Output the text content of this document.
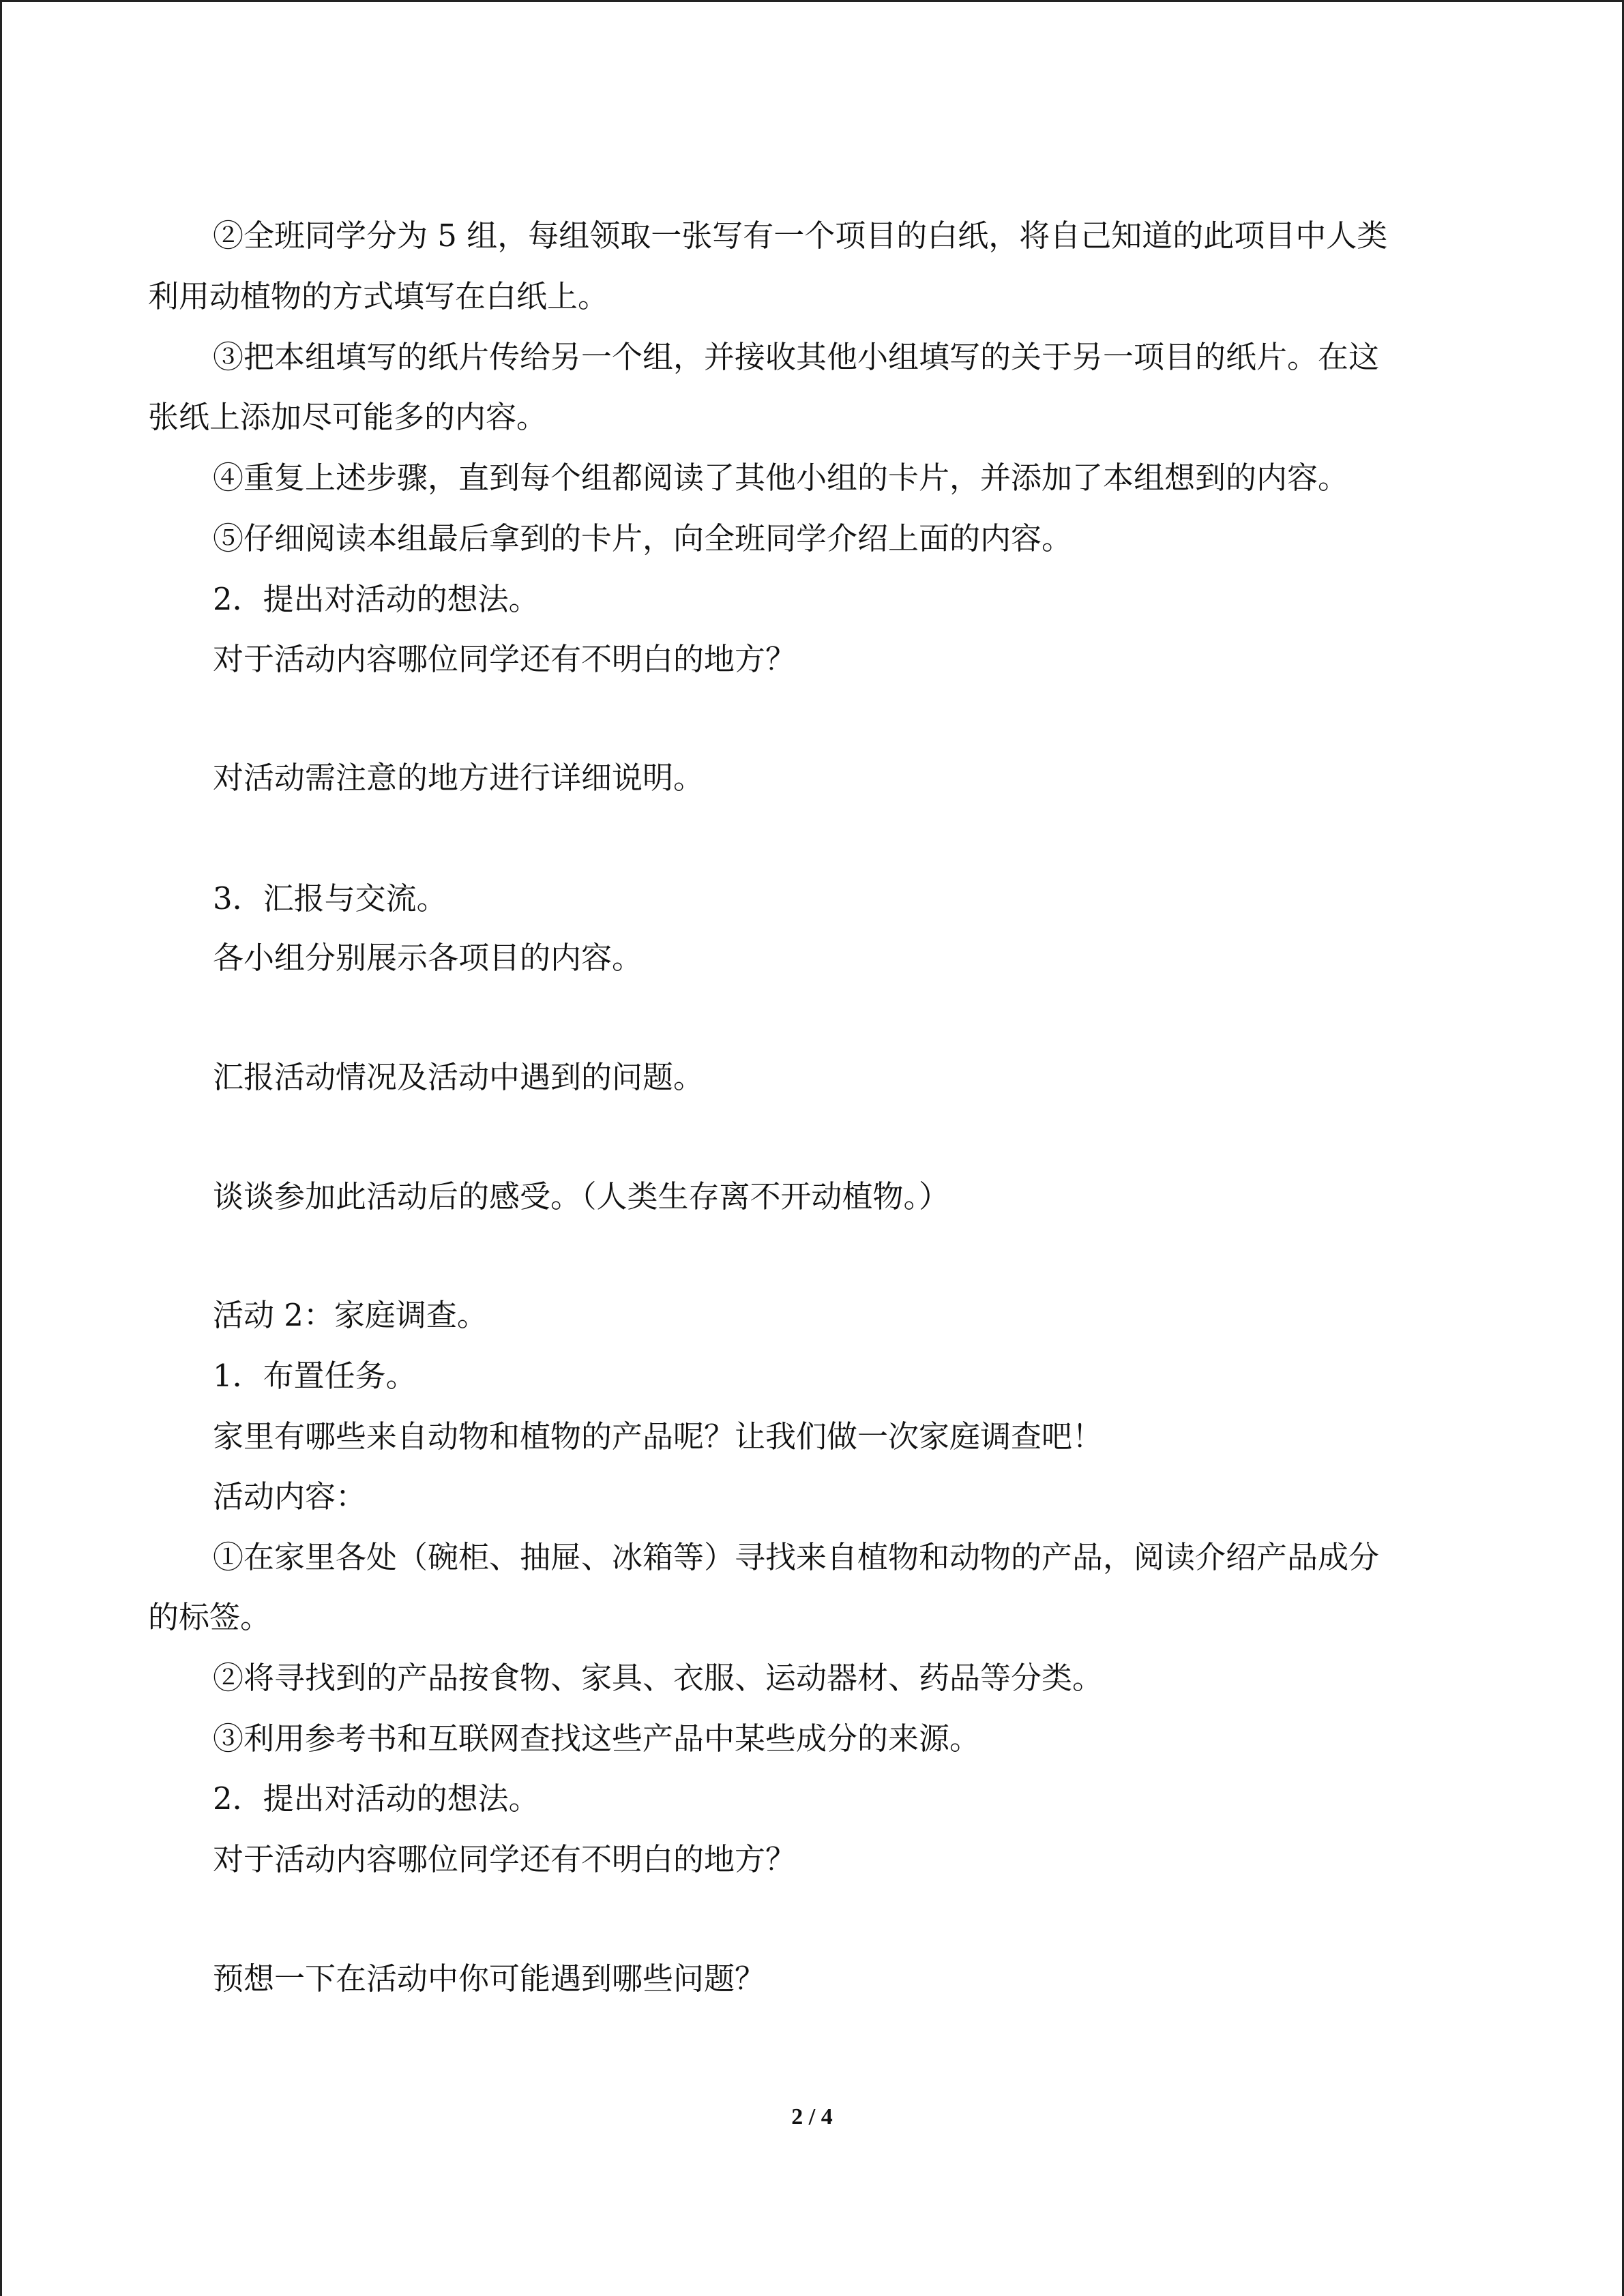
②全班同学分为 5 组，每组领取一张写有一个项目的白纸，将自己知道的此项目中人类
利用动植物的方式填写在白纸上。
③把本组填写的纸片传给另一个组，并接收其他小组填写的关于另一项目的纸片。在这
张纸上添加尽可能多的内容。
④重复上述步骤，直到每个组都阅读了其他小组的卡片，并添加了本组想到的内容。
⑤仔细阅读本组最后拿到的卡片，向全班同学介绍上面的内容。
2．提出对活动的想法。
对于活动内容哪位同学还有不明白的地方？
对活动需注意的地方进行详细说明。
3．汇报与交流。
各小组分别展示各项目的内容。
汇报活动情况及活动中遇到的问题。
谈谈参加此活动后的感受。（人类生存离不开动植物。）
活动 2：家庭调查。
1．布置任务。
家里有哪些来自动物和植物的产品呢？让我们做一次家庭调查吧！
活动内容：
①在家里各处（碗柜、抽屉、冰箱等）寻找来自植物和动物的产品，阅读介绍产品成分
的标签。
②将寻找到的产品按食物、家具、衣服、运动器材、药品等分类。
③利用参考书和互联网查找这些产品中某些成分的来源。
2．提出对活动的想法。
对于活动内容哪位同学还有不明白的地方？
预想一下在活动中你可能遇到哪些问题？
2 / 4
